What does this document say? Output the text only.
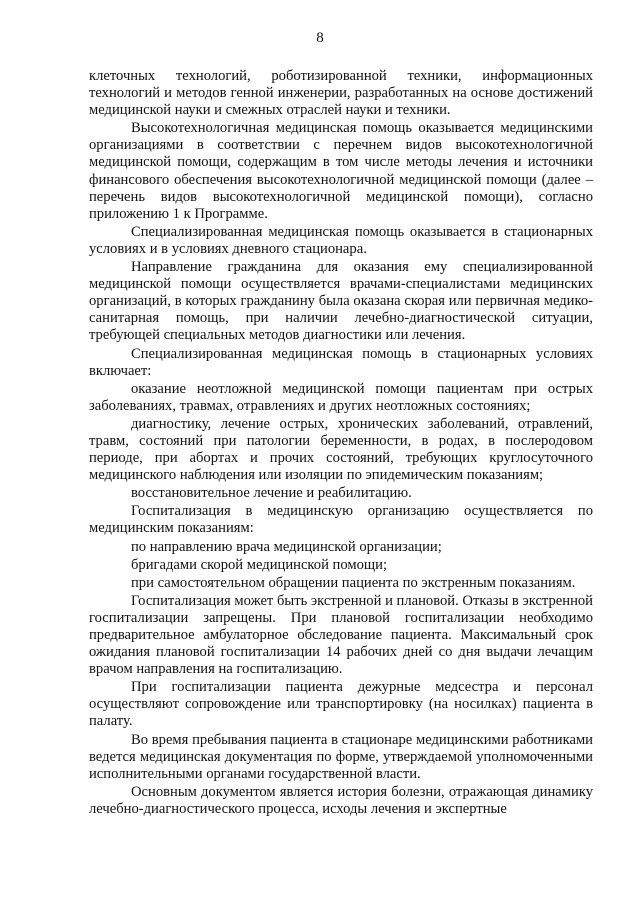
8

клеточных технологий, роботизированной техники, информационных технологий и методов генной инженерии, разработанных на основе достижений медицинской науки и смежных отраслей науки и техники.

Высокотехнологичная медицинская помощь оказывается медицинскими организациями в соответствии с перечнем видов высокотехнологичной медицинской помощи, содержащим в том числе методы лечения и источники финансового обеспечения высокотехнологичной медицинской помощи (далее – перечень видов высокотехнологичной медицинской помощи), согласно приложению 1 к Программе.

Специализированная медицинская помощь оказывается в стационарных условиях и в условиях дневного стационара.

Направление гражданина для оказания ему специализированной медицинской помощи осуществляется врачами-специалистами медицинских организаций, в которых гражданину была оказана скорая или первичная медико-санитарная помощь, при наличии лечебно-диагностической ситуации, требующей специальных методов диагностики или лечения.

Специализированная медицинская помощь в стационарных условиях включает:

оказание неотложной медицинской помощи пациентам при острых заболеваниях, травмах, отравлениях и других неотложных состояниях;

диагностику, лечение острых, хронических заболеваний, отравлений, травм, состояний при патологии беременности, в родах, в послеродовом периоде, при абортах и прочих состояний, требующих круглосуточного медицинского наблюдения или изоляции по эпидемическим показаниям;

восстановительное лечение и реабилитацию.

Госпитализация в медицинскую организацию осуществляется по медицинским показаниям:

по направлению врача медицинской организации;

бригадами скорой медицинской помощи;

при самостоятельном обращении пациента по экстренным показаниям.

Госпитализация может быть экстренной и плановой. Отказы в экстренной госпитализации запрещены. При плановой госпитализации необходимо предварительное амбулаторное обследование пациента. Максимальный срок ожидания плановой госпитализации 14 рабочих дней со дня выдачи лечащим врачом направления на госпитализацию.

При госпитализации пациента дежурные медсестра и персонал осуществляют сопровождение или транспортировку (на носилках) пациента в палату.

Во время пребывания пациента в стационаре медицинскими работниками ведется медицинская документация по форме, утверждаемой уполномоченными исполнительными органами государственной власти.

Основным документом является история болезни, отражающая динамику лечебно-диагностического процесса, исходы лечения и экспертные
